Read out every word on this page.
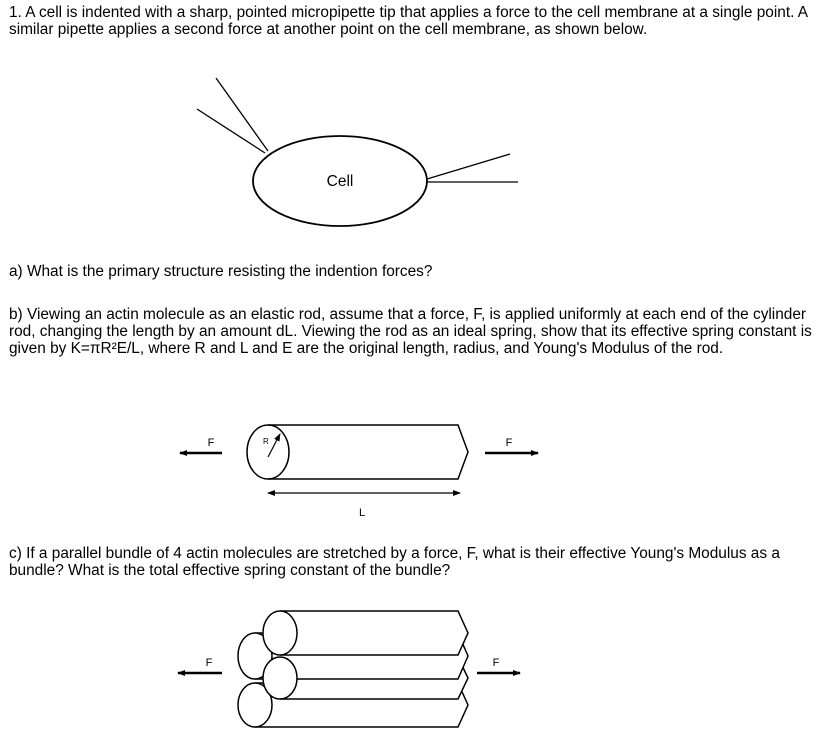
1. A cell is indented with a sharp, pointed micropipette tip that applies a force to the cell membrane at a single point. A similar pipette applies a second force at another point on the cell membrane, as shown below.
Cell
a) What is the primary structure resisting the indention forces?
b) Viewing an actin molecule as an elastic rod, assume that a force, F, is applied uniformly at each end of the cylinder rod, changing the length by an amount dL. Viewing the rod as an ideal spring, show that its effective spring constant is given by K=πR²E/L, where R and L and E are the original length, radius, and Young's Modulus of the rod.
F	F
R
L
c) If a parallel bundle of 4 actin molecules are stretched by a force, F, what is their effective Young's Modulus as a bundle? What is the total effective spring constant of the bundle?
F	F
